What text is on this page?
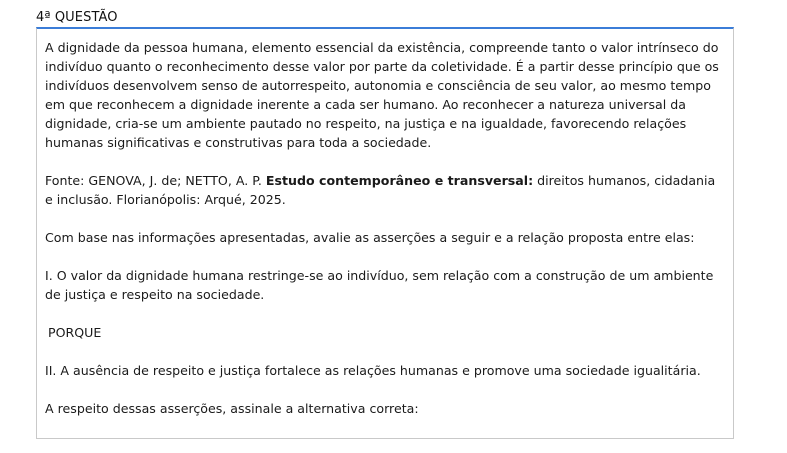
4ª QUESTÃO

A dignidade da pessoa humana, elemento essencial da existência, compreende tanto o valor intrínseco do indivíduo quanto o reconhecimento desse valor por parte da coletividade. É a partir desse princípio que os indivíduos desenvolvem senso de autorrespeito, autonomia e consciência de seu valor, ao mesmo tempo em que reconhecem a dignidade inerente a cada ser humano. Ao reconhecer a natureza universal da dignidade, cria-se um ambiente pautado no respeito, na justiça e na igualdade, favorecendo relações humanas significativas e construtivas para toda a sociedade.

Fonte: GENOVA, J. de; NETTO, A. P. Estudo contemporâneo e transversal: direitos humanos, cidadania e inclusão. Florianópolis: Arqué, 2025.

Com base nas informações apresentadas, avalie as asserções a seguir e a relação proposta entre elas:

I. O valor da dignidade humana restringe-se ao indivíduo, sem relação com a construção de um ambiente de justiça e respeito na sociedade.

PORQUE

II. A ausência de respeito e justiça fortalece as relações humanas e promove uma sociedade igualitária.

A respeito dessas asserções, assinale a alternativa correta:
